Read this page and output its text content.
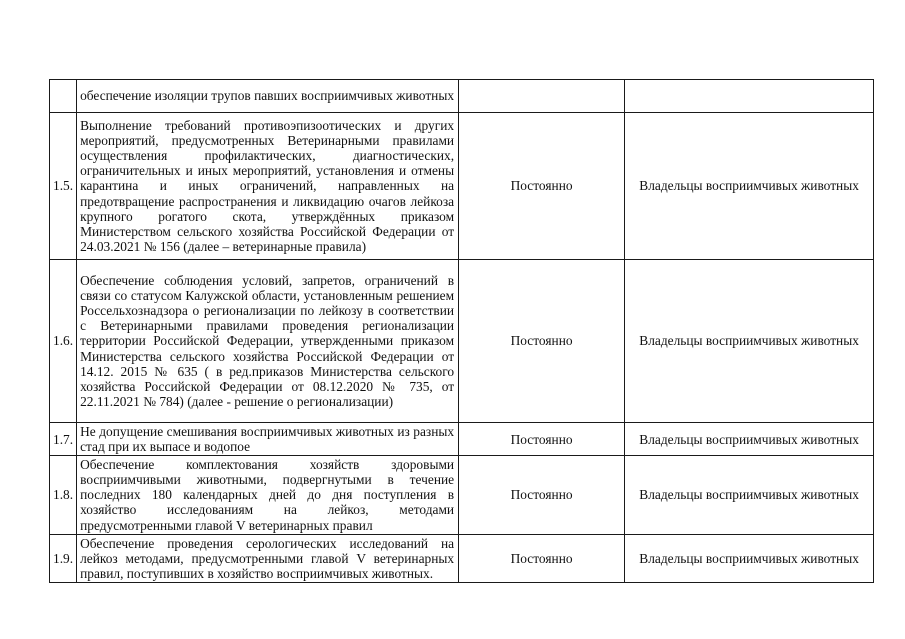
	обеспечение изоляции трупов павших восприимчивых животных		
1.5.	Выполнение требований противоэпизоотических и других мероприятий, предусмотренных Ветеринарными правилами осуществления профилактических, диагностических, ограничительных и иных мероприятий, установления и отмены карантина и иных ограничений, направленных на предотвращение распространения и ликвидацию очагов лейкоза крупного рогатого скота, утверждённых приказом Министерством сельского хозяйства Российской Федерации от 24.03.2021 № 156 (далее – ветеринарные правила)	Постоянно	Владельцы восприимчивых животных
1.6.	Обеспечение соблюдения условий, запретов, ограничений в связи со статусом Калужской области, установленным решением Россельхознадзора о регионализации по лейкозу в соответствии с Ветеринарными правилами проведения регионализации территории Российской Федерации, утвержденными приказом Министерства сельского хозяйства Российской Федерации от 14.12. 2015 № 635 ( в ред.приказов Министерства сельского хозяйства Российской Федерации от 08.12.2020 № 735, от 22.11.2021 № 784) (далее - решение о регионализации)	Постоянно	Владельцы восприимчивых животных
1.7.	Не допущение смешивания восприимчивых животных из разных стад при их выпасе и водопое	Постоянно	Владельцы восприимчивых животных
1.8.	Обеспечение комплектования хозяйств здоровыми восприимчивыми животными, подвергнутыми в течение последних 180 календарных дней до дня поступления в хозяйство исследованиям на лейкоз, методами предусмотренными главой V ветеринарных правил	Постоянно	Владельцы восприимчивых животных
1.9.	Обеспечение проведения серологических исследований на лейкоз методами, предусмотренными главой V ветеринарных правил, поступивших в хозяйство восприимчивых животных.	Постоянно	Владельцы восприимчивых животных
